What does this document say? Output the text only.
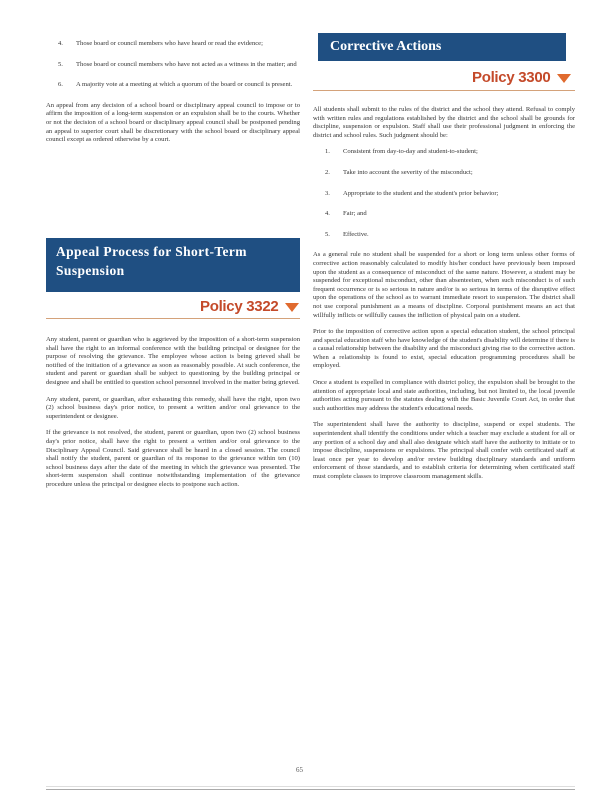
4.	Those board or council members who have heard or read the evidence;
5.	Those board or council members who have not acted as a witness in the matter; and
6.	A majority vote at a meeting at which a quorum of the board or council is present.

An appeal from any decision of a school board or disciplinary appeal council to impose or to affirm the imposition of a long-term suspension or an expulsion shall be to the courts. Whether or not the decision of a school board or disciplinary appeal council shall be postponed pending an appeal to superior court shall be discretionary with the school board or disciplinary appeal council except as ordered otherwise by a court.

Appeal Process for Short-Term Suspension
Policy 3322

Any student, parent or guardian who is aggrieved by the imposition of a short-term suspension shall have the right to an informal conference with the building principal or designee for the purpose of resolving the grievance. The employee whose action is being grieved shall be notified of the initiation of a grievance as soon as reasonably possible. At such conference, the student and parent or guardian shall be subject to questioning by the building principal or designee and shall be entitled to question school personnel involved in the matter being grieved.

Any student, parent, or guardian, after exhausting this remedy, shall have the right, upon two (2) school business day's prior notice, to present a written and/or oral grievance to the superintendent or designee.

If the grievance is not resolved, the student, parent or guardian, upon two (2) school business day's prior notice, shall have the right to present a written and/or oral grievance to the Disciplinary Appeal Council. Said grievance shall be heard in a closed session. The council shall notify the student, parent or guardian of its response to the grievance within ten (10) school business days after the date of the meeting in which the grievance was presented. The short-term suspension shall continue notwithstanding implementation of the grievance procedure unless the principal or designee elects to postpone such action.

Corrective Actions
Policy 3300

All students shall submit to the rules of the district and the school they attend. Refusal to comply with written rules and regulations established by the district and the school shall be grounds for discipline, suspension or expulsion. Staff shall use their professional judgment in enforcing the district and school rules. Such judgment should be:

1.	Consistent from day-to-day and student-to-student;
2.	Take into account the severity of the misconduct;
3.	Appropriate to the student and the student's prior behavior;
4.	Fair; and
5.	Effective.

As a general rule no student shall be suspended for a short or long term unless other forms of corrective action reasonably calculated to modify his/her conduct have previously been imposed upon the student as a consequence of misconduct of the same nature. However, a student may be suspended for exceptional misconduct, other than absenteeism, when such misconduct is of such frequent occurrence or is so serious in nature and/or is so serious in terms of the disruptive effect upon the operations of the school as to warrant immediate resort to suspension. The district shall not use corporal punishment as a means of discipline. Corporal punishment means an act that willfully inflicts or willfully causes the infliction of physical pain on a student.

Prior to the imposition of corrective action upon a special education student, the school principal and special education staff who have knowledge of the student's disability will determine if there is a causal relationship between the disability and the misconduct giving rise to the corrective action. When a relationship is found to exist, special education programming procedures shall be employed.

Once a student is expelled in compliance with district policy, the expulsion shall be brought to the attention of appropriate local and state authorities, including, but not limited to, the local juvenile authorities acting pursuant to the statutes dealing with the Basic Juvenile Court Act, in order that such authorities may address the student's educational needs.

The superintendent shall have the authority to discipline, suspend or expel students. The superintendent shall identify the conditions under which a teacher may exclude a student for all or any portion of a school day and shall also designate which staff have the authority to initiate or to impose discipline, suspensions or expulsions. The principal shall confer with certificated staff at least once per year to develop and/or review building disciplinary standards and uniform enforcement of those standards, and to establish criteria for determining when certificated staff must complete classes to improve classroom management skills.

65
